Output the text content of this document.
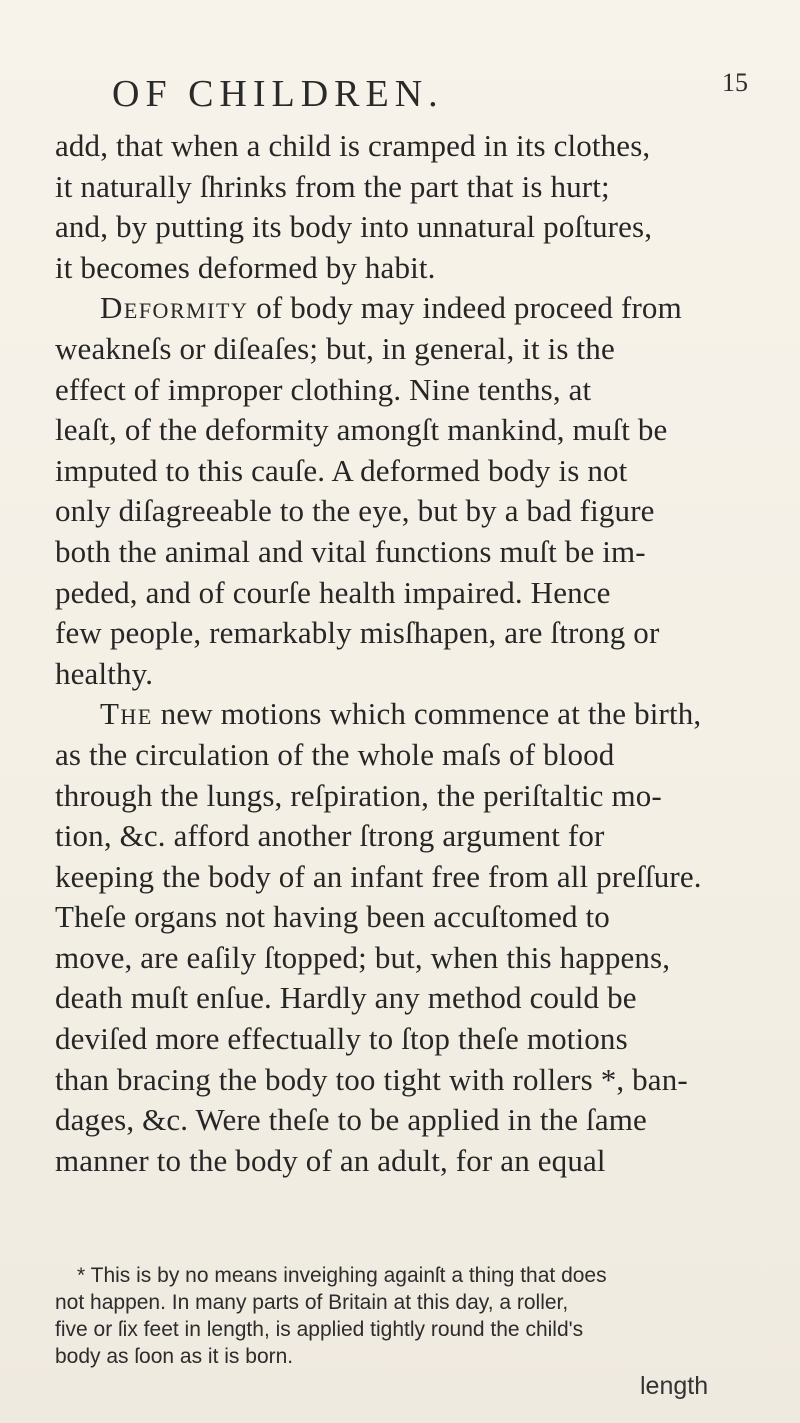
OF CHILDREN.	15
add, that when a child is cramped in its clothes,
it naturally ſhrinks from the part that is hurt;
and, by putting its body into unnatural poſtures,
it becomes deformed by habit.
Deformity of body may indeed proceed from
weakneſs or diſeaſes; but, in general, it is the
effect of improper clothing. Nine tenths, at
leaſt, of the deformity amongſt mankind, muſt be
imputed to this cauſe. A deformed body is not
only diſagreeable to the eye, but by a bad figure
both the animal and vital functions muſt be im-
peded, and of courſe health impaired. Hence
few people, remarkably misſhapen, are ſtrong or
healthy.
The new motions which commence at the birth,
as the circulation of the whole maſs of blood
through the lungs, reſpiration, the periſtaltic mo-
tion, &c. afford another ſtrong argument for
keeping the body of an infant free from all preſſure.
Theſe organs not having been accuſtomed to
move, are eaſily ſtopped; but, when this happens,
death muſt enſue. Hardly any method could be
deviſed more effectually to ſtop theſe motions
than bracing the body too tight with rollers *, ban-
dages, &c. Were theſe to be applied in the ſame
manner to the body of an adult, for an equal
* This is by no means inveighing againſt a thing that does
not happen. In many parts of Britain at this day, a roller,
five or ſix feet in length, is applied tightly round the child's
body as ſoon as it is born.
length
